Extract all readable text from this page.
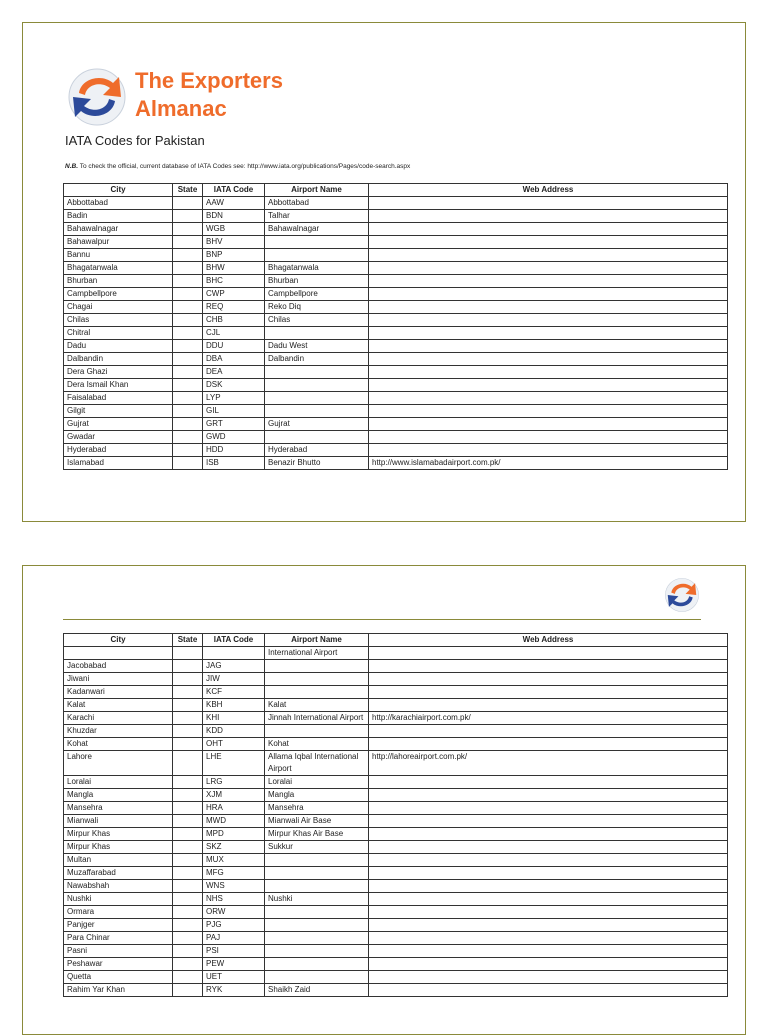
The Exporters
Almanac
IATA Codes for Pakistan
N.B. To check the official, current database of IATA Codes see: http://www.iata.org/publications/Pages/code-search.aspx
City	State	IATA Code	Airport Name	Web Address
Abbottabad		AAW	Abbottabad	
Badin		BDN	Talhar	
Bahawalnagar		WGB	Bahawalnagar	
Bahawalpur		BHV		
Bannu		BNP		
Bhagatanwala		BHW	Bhagatanwala	
Bhurban		BHC	Bhurban	
Campbellpore		CWP	Campbellpore	
Chagai		REQ	Reko Diq	
Chilas		CHB	Chilas	
Chitral		CJL		
Dadu		DDU	Dadu West	
Dalbandin		DBA	Dalbandin	
Dera Ghazi		DEA		
Dera Ismail Khan		DSK		
Faisalabad		LYP		
Gilgit		GIL		
Gujrat		GRT	Gujrat	
Gwadar		GWD		
Hyderabad		HDD	Hyderabad	
Islamabad		ISB	Benazir Bhutto	http://www.islamabadairport.com.pk/
City	State	IATA Code	Airport Name	Web Address
			International Airport	
Jacobabad		JAG		
Jiwani		JIW		
Kadanwari		KCF		
Kalat		KBH	Kalat	
Karachi		KHI	Jinnah International Airport	http://karachiairport.com.pk/
Khuzdar		KDD		
Kohat		OHT	Kohat	
Lahore		LHE	Allama Iqbal International Airport	http://lahoreairport.com.pk/
Loralai		LRG	Loralai	
Mangla		XJM	Mangla	
Mansehra		HRA	Mansehra	
Mianwali		MWD	Mianwali Air Base	
Mirpur Khas		MPD	Mirpur Khas Air Base	
Mirpur Khas		SKZ	Sukkur	
Multan		MUX		
Muzaffarabad		MFG		
Nawabshah		WNS		
Nushki		NHS	Nushki	
Ormara		ORW		
Panjger		PJG		
Para Chinar		PAJ		
Pasni		PSI		
Peshawar		PEW		
Quetta		UET		
Rahim Yar Khan		RYK	Shaikh Zaid	
